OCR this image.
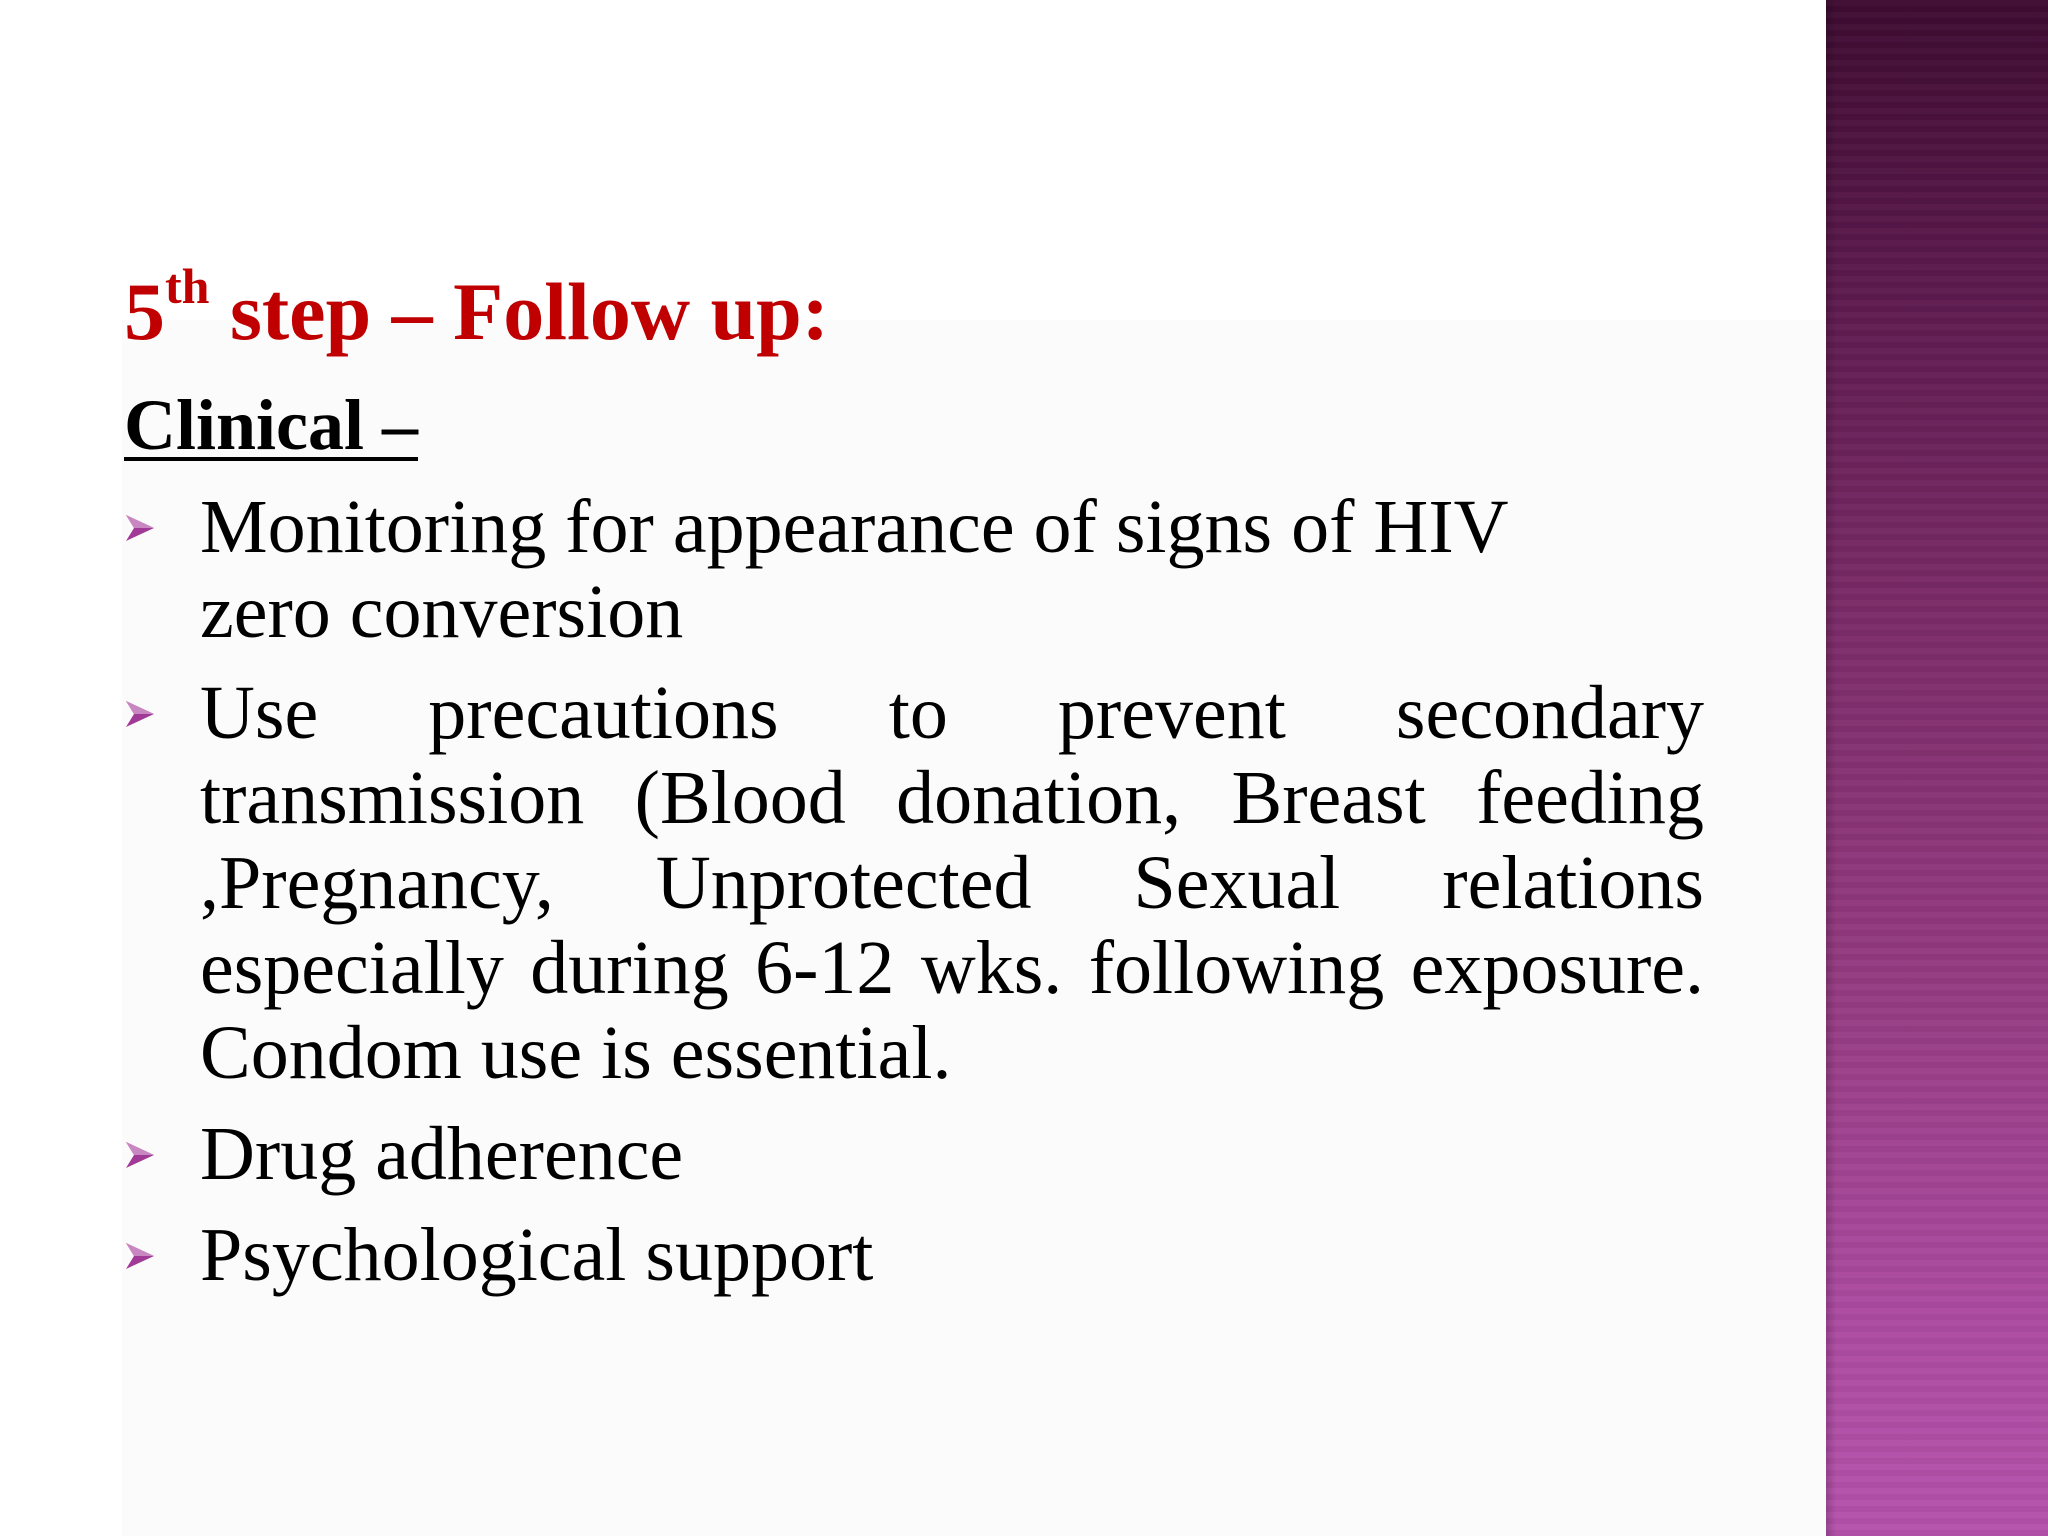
5th step – Follow up:
Clinical –
Monitoring for appearance of signs of HIV zero conversion
Use precautions to prevent secondary transmission (Blood donation, Breast feeding ,Pregnancy, Unprotected Sexual relations especially during 6-12 wks. following exposure. Condom use is essential.
Drug adherence
Psychological support
